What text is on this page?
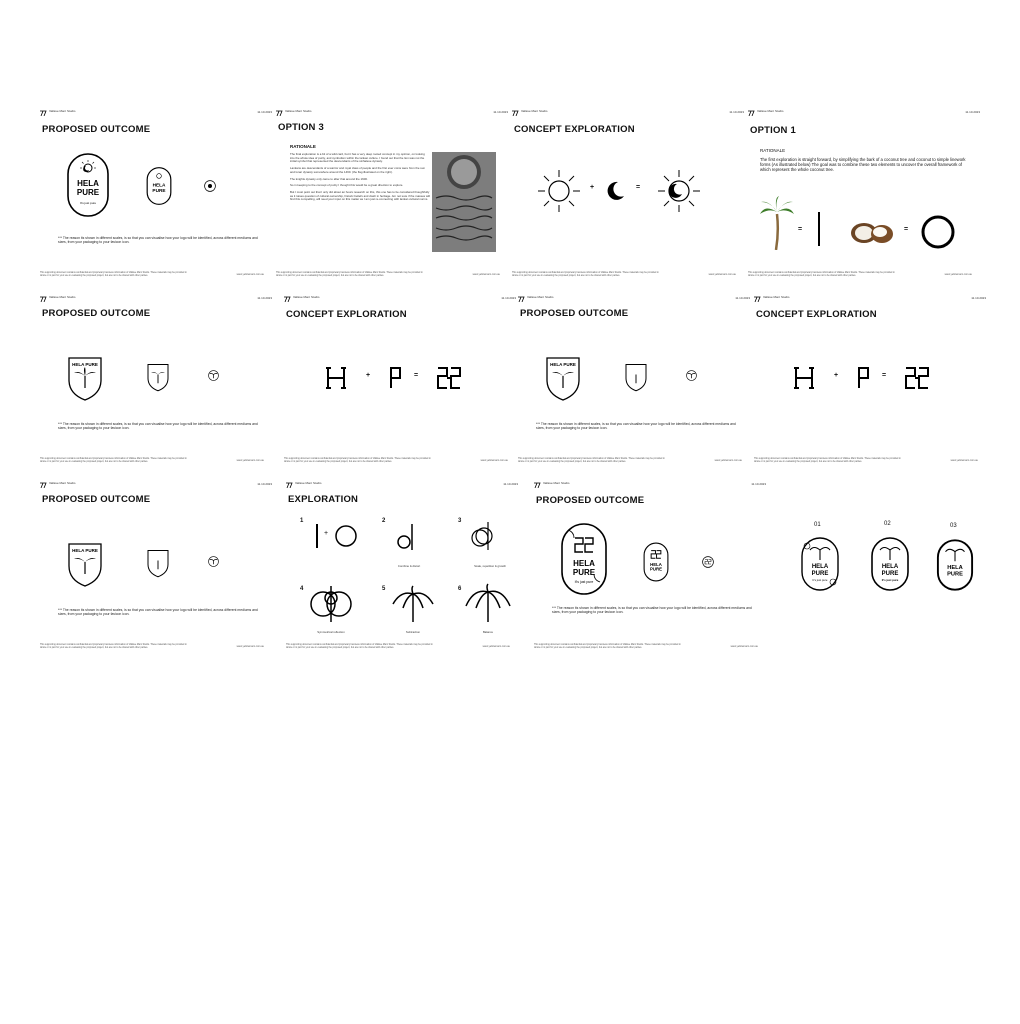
Vallave Marc Studio	11.10.2023
PROPOSED OUTCOME
HELA
PURE
It's just pure
HELA
PURE
*** The reason its shown in different scales, is so that you can visualise how your logo will be identified, across different mediums and sizes, from your packaging to your favicon icon.
This supporting document contains confidential and proprietary business information of Vallave Marc Studio. These materials may be provided in whole or in part for your use in evaluating the proposed project, but are not to be shared with other parties.
www.yellowmarc.com.au
Vallave Marc Studio	11.10.2023
OPTION 3
RATIONALE

The final exploration is a bit of a wild card, but it has a very deep rooted concept in my opinion, on looking into the whole idea of purity, and symbolism within the lankan culture. I found out that the lion was not the initial symbol that represented the descendants of the sinhalese dynasty.

Lankans are descendants of a warrior and royal class of people and the first ever coins were from the sun and lunar dynasty somewhere around the 1460. (the flag illustrated on the right).

The knights dynasty only came to after that around the 1600.

So in keeping to the concept of purity I thought this would be a great direction to explore.

But I must point out that I only did about an hours research on this, this one has to be considered thoughtfully as it raises question of cultural ownership, historic beliefs and clash in heritage. Am not sure if the masses will find this compelling, will need your input on this matter as I am just re-connecting with lankan cultural norms.

This supporting document contains confidential and proprietary business information of Vallave Marc Studio. These materials may be provided in whole or in part for your use in evaluating the proposed project, but are not to be shared with other parties.
www.yellowmarc.com.au
Vallave Marc Studio	11.10.2023
CONCEPT EXPLORATION
+	=
This supporting document contains confidential and proprietary business information of Vallave Marc Studio. These materials may be provided in whole or in part for your use in evaluating the proposed project, but are not to be shared with other parties.
www.yellowmarc.com.au
Vallave Marc Studio	11.10.2023
OPTION 1
RATIONALE
The first exploration is straight forward, by simplifying the bark of a coconut tree and coconut to simple linework forms (As illustrated below) The goal was to combine these two elements to uncover the overall framework of which represent the whole coconut tree.
=	=
This supporting document contains confidential and proprietary business information of Vallave Marc Studio. These materials may be provided in whole or in part for your use in evaluating the proposed project, but are not to be shared with other parties.
www.yellowmarc.com.au
Vallave Marc Studio	11.10.2023
PROPOSED OUTCOME
HELA PURE
*** The reason its shown in different scales, is so that you can visualise how your logo will be identified, across different mediums and sizes, from your packaging to your favicon icon.
This supporting document contains confidential and proprietary business information of Vallave Marc Studio. These materials may be provided in whole or in part for your use in evaluating the proposed project, but are not to be shared with other parties.
www.yellowmarc.com.au
Vallave Marc Studio	11.10.2023
CONCEPT EXPLORATION
+	=
This supporting document contains confidential and proprietary business information of Vallave Marc Studio. These materials may be provided in whole or in part for your use in evaluating the proposed project, but are not to be shared with other parties.
www.yellowmarc.com.au
Vallave Marc Studio	11.10.2023
PROPOSED OUTCOME
HELA PURE
*** The reason its shown in different scales, is so that you can visualise how your logo will be identified, across different mediums and sizes, from your packaging to your favicon icon.
This supporting document contains confidential and proprietary business information of Vallave Marc Studio. These materials may be provided in whole or in part for your use in evaluating the proposed project, but are not to be shared with other parties.
www.yellowmarc.com.au
Vallave Marc Studio	11.10.2023
CONCEPT EXPLORATION
+	=
This supporting document contains confidential and proprietary business information of Vallave Marc Studio. These materials may be provided in whole or in part for your use in evaluating the proposed project, but are not to be shared with other parties.
www.yellowmarc.com.au
Vallave Marc Studio	11.10.2023
PROPOSED OUTCOME
HELA PURE
*** The reason its shown in different scales, is so that you can visualise how your logo will be identified, across different mediums and sizes, from your packaging to your favicon icon.
This supporting document contains confidential and proprietary business information of Vallave Marc Studio. These materials may be provided in whole or in part for your use in evaluating the proposed project, but are not to be shared with other parties.
www.yellowmarc.com.au
Vallave Marc Studio	11.10.2023
EXPLORATION
1
+
2
Combine & distort
3
Scale, repetition & growth
4
Symmetrical reflection
5
Subtraction
6
Balance
This supporting document contains confidential and proprietary business information of Vallave Marc Studio. These materials may be provided in whole or in part for your use in evaluating the proposed project, but are not to be shared with other parties.
www.yellowmarc.com.au
Vallave Marc Studio	11.10.2023
PROPOSED OUTCOME
HELA
PURE
It's just pure
HELA
PURE
*** The reason its shown in different scales, is so that you can visualise how your logo will be identified, across different mediums and sizes, from your packaging to your favicon icon.
This supporting document contains confidential and proprietary business information of Vallave Marc Studio. These materials may be provided in whole or in part for your use in evaluating the proposed project, but are not to be shared with other parties.
www.yellowmarc.com.au
01	02	03
HELA
PURE
It's just pure
HELA
PURE
It's just pure
HELA
PURE
